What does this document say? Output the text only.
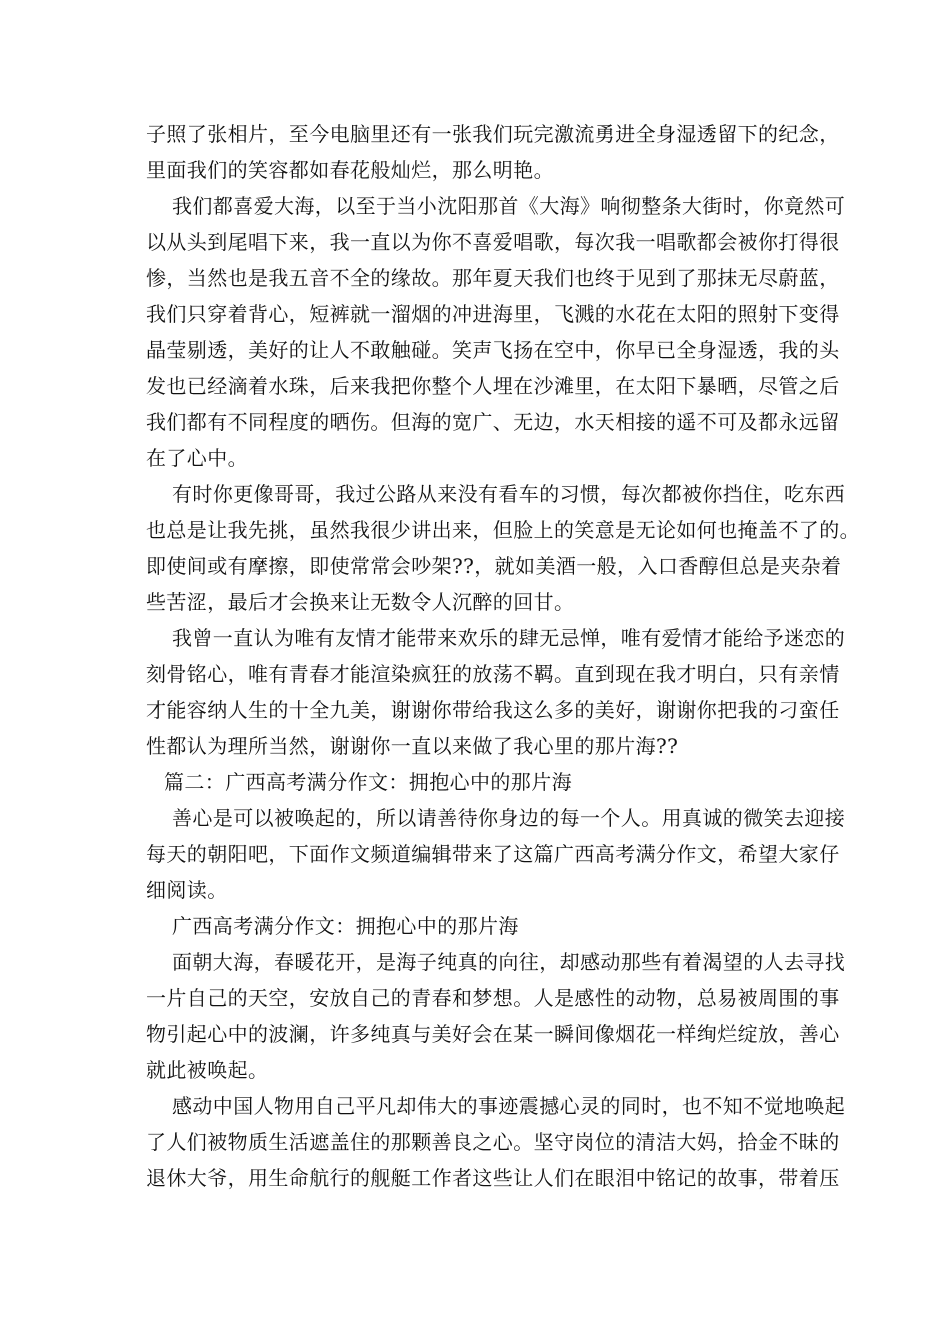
子照了张相片，至今电脑里还有一张我们玩完激流勇进全身湿透留下的纪念，
里面我们的笑容都如春花般灿烂，那么明艳。
我们都喜爱大海，以至于当小沈阳那首《大海》响彻整条大街时，你竟然可
以从头到尾唱下来，我一直以为你不喜爱唱歌，每次我一唱歌都会被你打得很
惨，当然也是我五音不全的缘故。那年夏天我们也终于见到了那抹无尽蔚蓝，
我们只穿着背心，短裤就一溜烟的冲进海里，飞溅的水花在太阳的照射下变得
晶莹剔透，美好的让人不敢触碰。笑声飞扬在空中，你早已全身湿透，我的头
发也已经滴着水珠，后来我把你整个人埋在沙滩里，在太阳下暴晒，尽管之后
我们都有不同程度的晒伤。但海的宽广、无边，水天相接的遥不可及都永远留
在了心中。
有时你更像哥哥，我过公路从来没有看车的习惯，每次都被你挡住，吃东西
也总是让我先挑，虽然我很少讲出来，但脸上的笑意是无论如何也掩盖不了的。
即使间或有摩擦，即使常常会吵架??，就如美酒一般，入口香醇但总是夹杂着
些苦涩，最后才会换来让无数令人沉醉的回甘。
我曾一直认为唯有友情才能带来欢乐的肆无忌惮，唯有爱情才能给予迷恋的
刻骨铭心，唯有青春才能渲染疯狂的放荡不羁。直到现在我才明白，只有亲情
才能容纳人生的十全九美，谢谢你带给我这么多的美好，谢谢你把我的刁蛮任
性都认为理所当然，谢谢你一直以来做了我心里的那片海??
篇二：广西高考满分作文：拥抱心中的那片海
善心是可以被唤起的，所以请善待你身边的每一个人。用真诚的微笑去迎接
每天的朝阳吧，下面作文频道编辑带来了这篇广西高考满分作文，希望大家仔
细阅读。
广西高考满分作文：拥抱心中的那片海
面朝大海，春暖花开，是海子纯真的向往，却感动那些有着渴望的人去寻找
一片自己的天空，安放自己的青春和梦想。人是感性的动物，总易被周围的事
物引起心中的波澜，许多纯真与美好会在某一瞬间像烟花一样绚烂绽放，善心
就此被唤起。
感动中国人物用自己平凡却伟大的事迹震撼心灵的同时，也不知不觉地唤起
了人们被物质生活遮盖住的那颗善良之心。坚守岗位的清洁大妈，拾金不昧的
退休大爷，用生命航行的舰艇工作者这些让人们在眼泪中铭记的故事，带着压
